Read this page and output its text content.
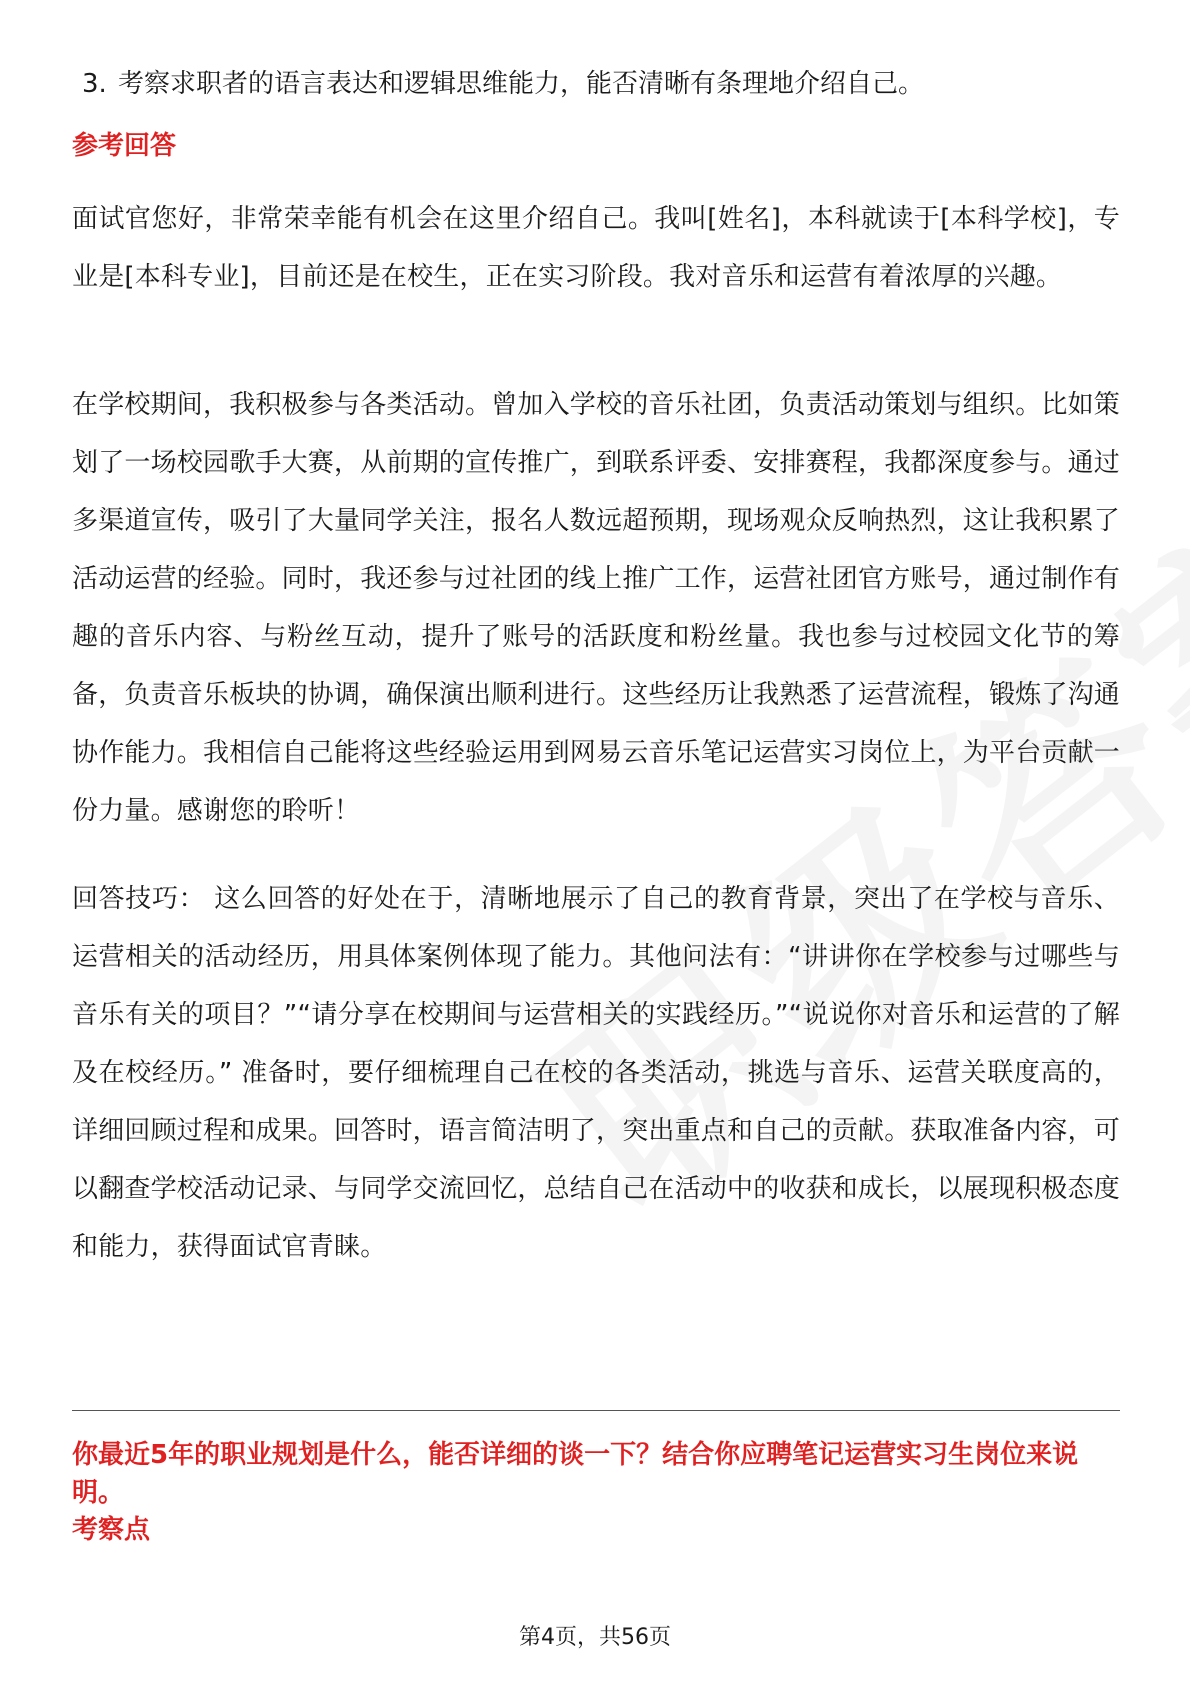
3. 考察求职者的语言表达和逻辑思维能力，能否清晰有条理地介绍自己。
参考回答
面试官您好，非常荣幸能有机会在这里介绍自己。我叫[姓名]，本科就读于[本科学校]，专业是[本科专业]，目前还是在校生，正在实习阶段。我对音乐和运营有着浓厚的兴趣。
在学校期间，我积极参与各类活动。曾加入学校的音乐社团，负责活动策划与组织。比如策划了一场校园歌手大赛，从前期的宣传推广，到联系评委、安排赛程，我都深度参与。通过多渠道宣传，吸引了大量同学关注，报名人数远超预期，现场观众反响热烈，这让我积累了活动运营的经验。同时，我还参与过社团的线上推广工作，运营社团官方账号，通过制作有趣的音乐内容、与粉丝互动，提升了账号的活跃度和粉丝量。我也参与过校园文化节的筹备，负责音乐板块的协调，确保演出顺利进行。这些经历让我熟悉了运营流程，锻炼了沟通协作能力。我相信自己能将这些经验运用到网易云音乐笔记运营实习岗位上，为平台贡献一份力量。感谢您的聆听！
回答技巧： 这么回答的好处在于，清晰地展示了自己的教育背景，突出了在学校与音乐、运营相关的活动经历，用具体案例体现了能力。其他问法有：“讲讲你在学校参与过哪些与音乐有关的项目？”“请分享在校期间与运营相关的实践经历。”“说说你对音乐和运营的了解及在校经历。” 准备时，要仔细梳理自己在校的各类活动，挑选与音乐、运营关联度高的，详细回顾过程和成果。回答时，语言简洁明了，突出重点和自己的贡献。获取准备内容，可以翻查学校活动记录、与同学交流回忆，总结自己在活动中的收获和成长，以展现积极态度和能力，获得面试官青睐。
你最近5年的职业规划是什么，能否详细的谈一下？结合你应聘笔记运营实习生岗位来说明。
考察点
第4页，共56页
